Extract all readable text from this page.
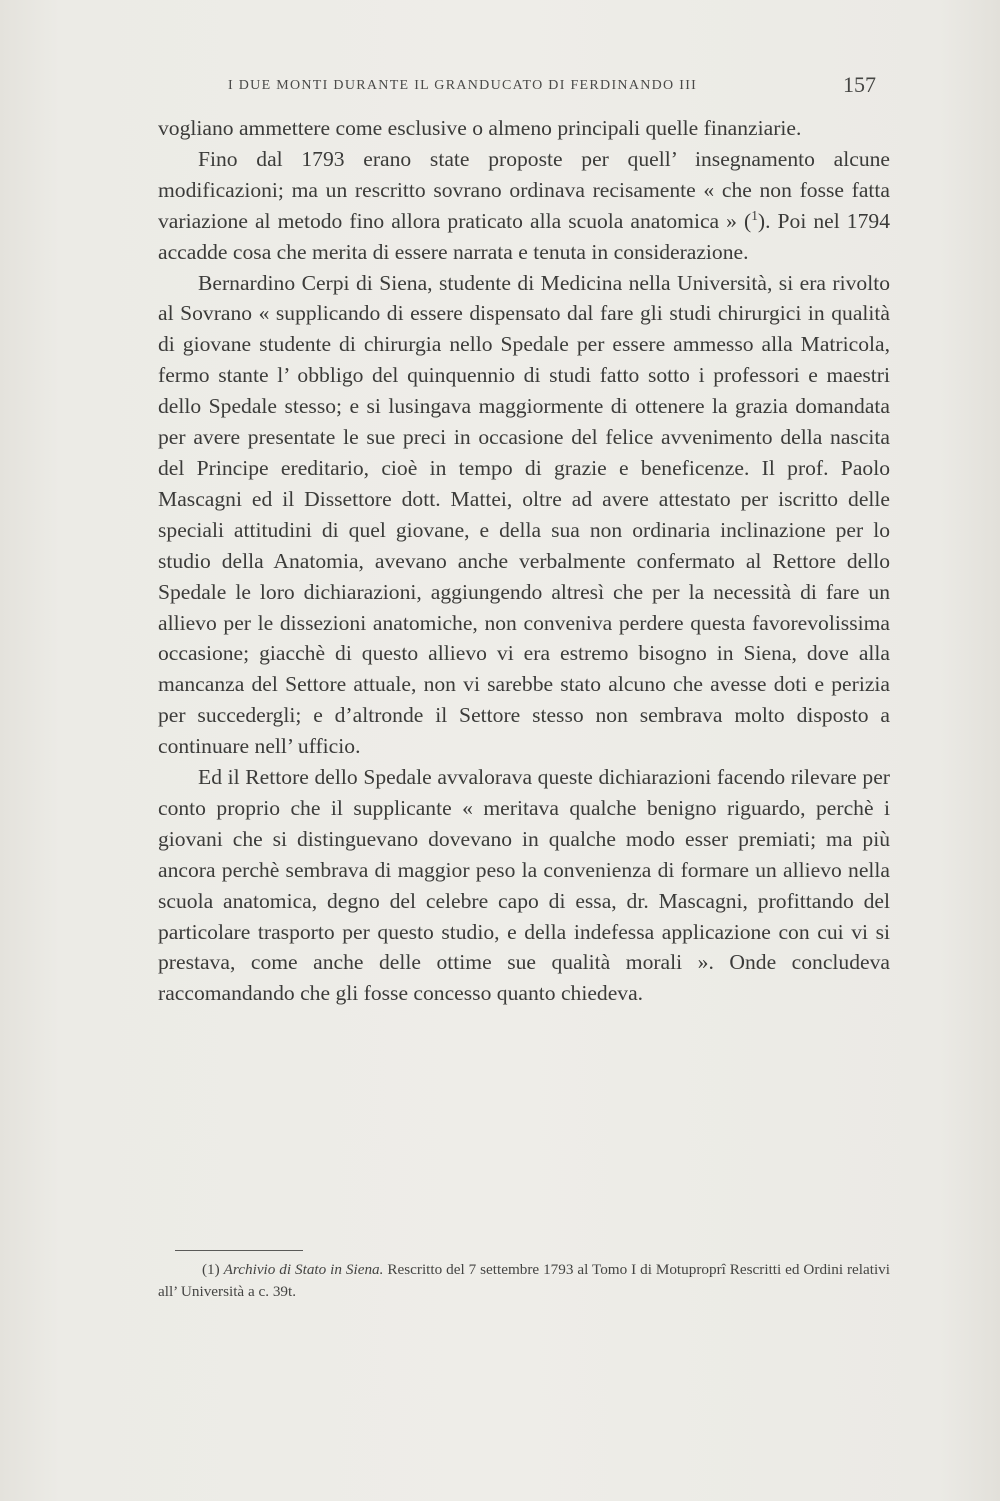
I DUE MONTI DURANTE IL GRANDUCATO DI FERDINANDO III	157

vogliano ammettere come esclusive o almeno principali quelle finanziarie.

Fino dal 1793 erano state proposte per quell’ insegnamento alcune modificazioni; ma un rescritto sovrano ordinava recisamente « che non fosse fatta variazione al metodo fino allora praticato alla scuola anatomica » ($^1$). Poi nel 1794 accadde cosa che merita di essere narrata e tenuta in considerazione.

Bernardino Cerpi di Siena, studente di Medicina nella Università, si era rivolto al Sovrano « supplicando di essere dispensato dal fare gli studi chirurgici in qualità di giovane studente di chirurgia nello Spedale per essere ammesso alla Matricola, fermo stante l’ obbligo del quinquennio di studi fatto sotto i professori e maestri dello Spedale stesso; e si lusingava maggiormente di ottenere la grazia domandata per avere presentate le sue preci in occasione del felice avvenimento della nascita del Principe ereditario, cioè in tempo di grazie e beneficenze. Il prof. Paolo Mascagni ed il Dissettore dott. Mattei, oltre ad avere attestato per iscritto delle speciali attitudini di quel giovane, e della sua non ordinaria inclinazione per lo studio della Anatomia, avevano anche verbalmente confermato al Rettore dello Spedale le loro dichiarazioni, aggiungendo altresì che per la necessità di fare un allievo per le dissezioni anatomiche, non conveniva perdere questa favorevolissima occasione; giacchè di questo allievo vi era estremo bisogno in Siena, dove alla mancanza del Settore attuale, non vi sarebbe stato alcuno che avesse doti e perizia per succedergli; e d’altronde il Settore stesso non sembrava molto disposto a continuare nell’ ufficio.

Ed il Rettore dello Spedale avvalorava queste dichiarazioni facendo rilevare per conto proprio che il supplicante « meritava qualche benigno riguardo, perchè i giovani che si distinguevano dovevano in qualche modo esser premiati; ma più ancora perchè sembrava di maggior peso la convenienza di formare un allievo nella scuola anatomica, degno del celebre capo di essa, dr. Mascagni, profittando del particolare trasporto per questo studio, e della indefessa applicazione con cui vi si prestava, come anche delle ottime sue qualità morali ». Onde concludeva raccomandando che gli fosse concesso quanto chiedeva.

(1) Archivio di Stato in Siena. Rescritto del 7 settembre 1793 al Tomo I di Motuproprî Rescritti ed Ordini relativi all’ Università a c. 39t.
